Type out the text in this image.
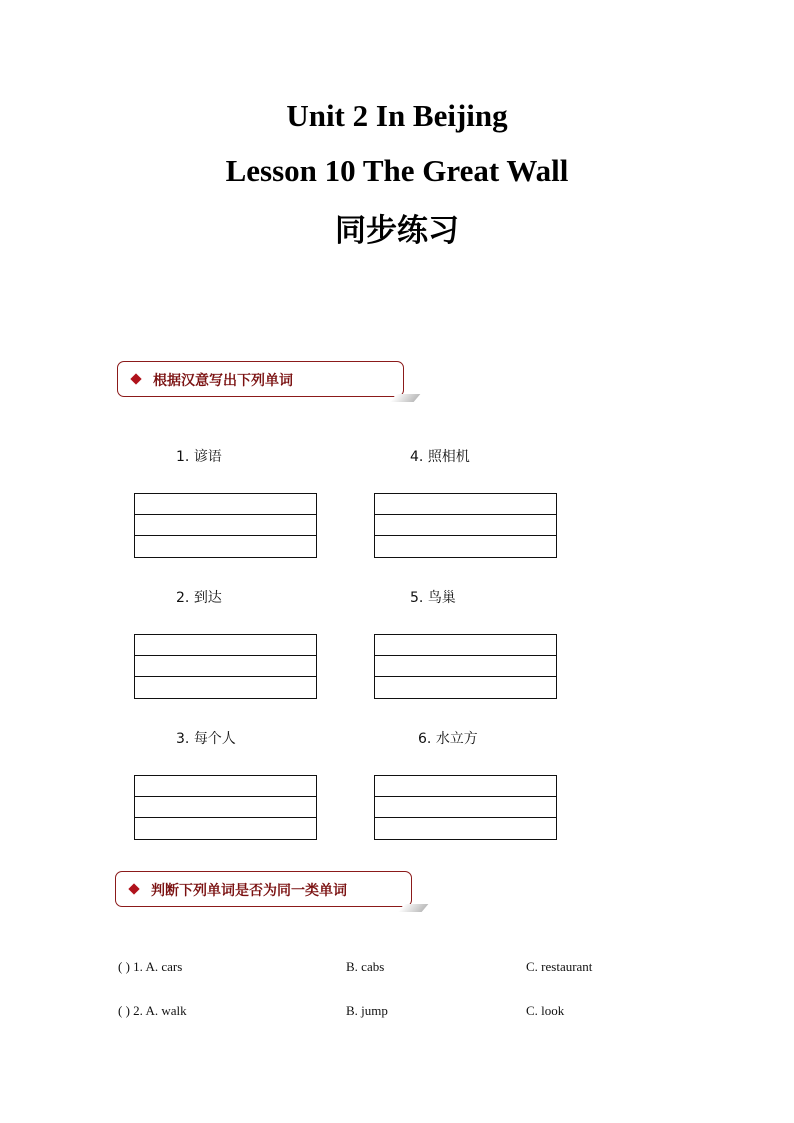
Unit 2 In Beijing
Lesson 10 The Great Wall
同步练习
根据汉意写出下列单词
1. 谚语
2. 到达
3. 每个人
4. 照相机
5. 鸟巢
6. 水立方
判断下列单词是否为同一类单词
( ) 1. A. cars	B. cabs	C. restaurant
( ) 2. A. walk	B. jump	C. look
